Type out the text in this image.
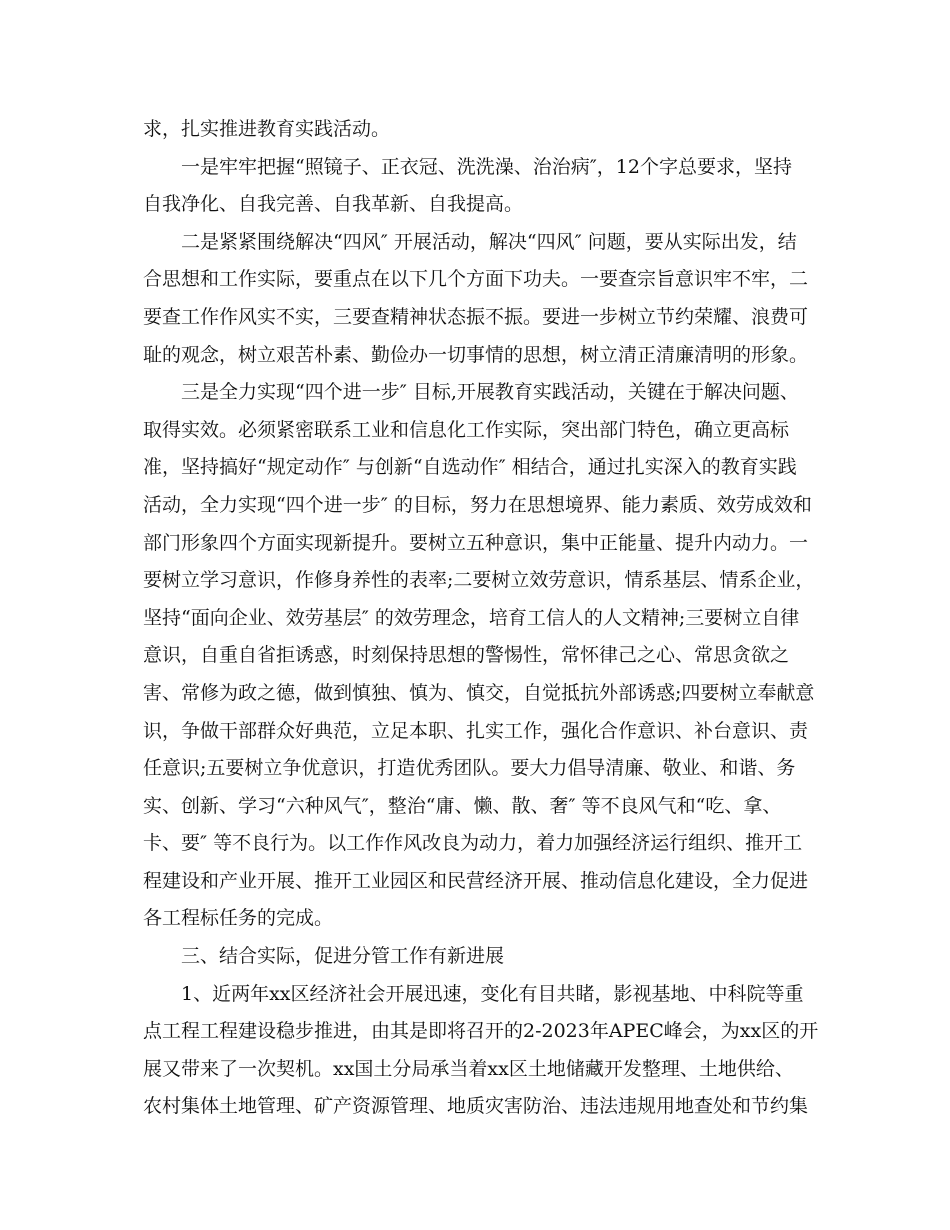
求，扎实推进教育实践活动。
一是牢牢把握“照镜子、正衣冠、洗洗澡、治治病″，12个字总要求，坚持
自我净化、自我完善、自我革新、自我提高。
二是紧紧围绕解决“四风″ 开展活动，解决“四风″ 问题，要从实际出发，结
合思想和工作实际，要重点在以下几个方面下功夫。一要查宗旨意识牢不牢，二
要查工作作风实不实，三要查精神状态振不振。要进一步树立节约荣耀、浪费可
耻的观念，树立艰苦朴素、勤俭办一切事情的思想，树立清正清廉清明的形象。
三是全力实现“四个进一步″ 目标,开展教育实践活动，关键在于解决问题、
取得实效。必须紧密联系工业和信息化工作实际，突出部门特色，确立更高标
准，坚持搞好“规定动作″ 与创新“自选动作″ 相结合，通过扎实深入的教育实践
活动，全力实现“四个进一步″ 的目标，努力在思想境界、能力素质、效劳成效和
部门形象四个方面实现新提升。要树立五种意识，集中正能量、提升内动力。一
要树立学习意识，作修身养性的表率;二要树立效劳意识，情系基层、情系企业，
坚持“面向企业、效劳基层″ 的效劳理念，培育工信人的人文精神;三要树立自律
意识，自重自省拒诱惑，时刻保持思想的警惕性，常怀律己之心、常思贪欲之
害、常修为政之德，做到慎独、慎为、慎交，自觉抵抗外部诱惑;四要树立奉献意
识，争做干部群众好典范，立足本职、扎实工作，强化合作意识、补台意识、责
任意识;五要树立争优意识，打造优秀团队。要大力倡导清廉、敬业、和谐、务
实、创新、学习“六种风气″，整治“庸、懒、散、奢″ 等不良风气和“吃、拿、
卡、要″ 等不良行为。以工作作风改良为动力，着力加强经济运行组织、推开工
程建设和产业开展、推开工业园区和民营经济开展、推动信息化建设，全力促进
各工程标任务的完成。
三、结合实际，促进分管工作有新进展
1、近两年xx区经济社会开展迅速，变化有目共睹，影视基地、中科院等重
点工程工程建设稳步推进，由其是即将召开的2-2023年APEC峰会，为xx区的开
展又带来了一次契机。xx国土分局承当着xx区土地储藏开发整理、土地供给、
农村集体土地管理、矿产资源管理、地质灾害防治、违法违规用地查处和节约集
